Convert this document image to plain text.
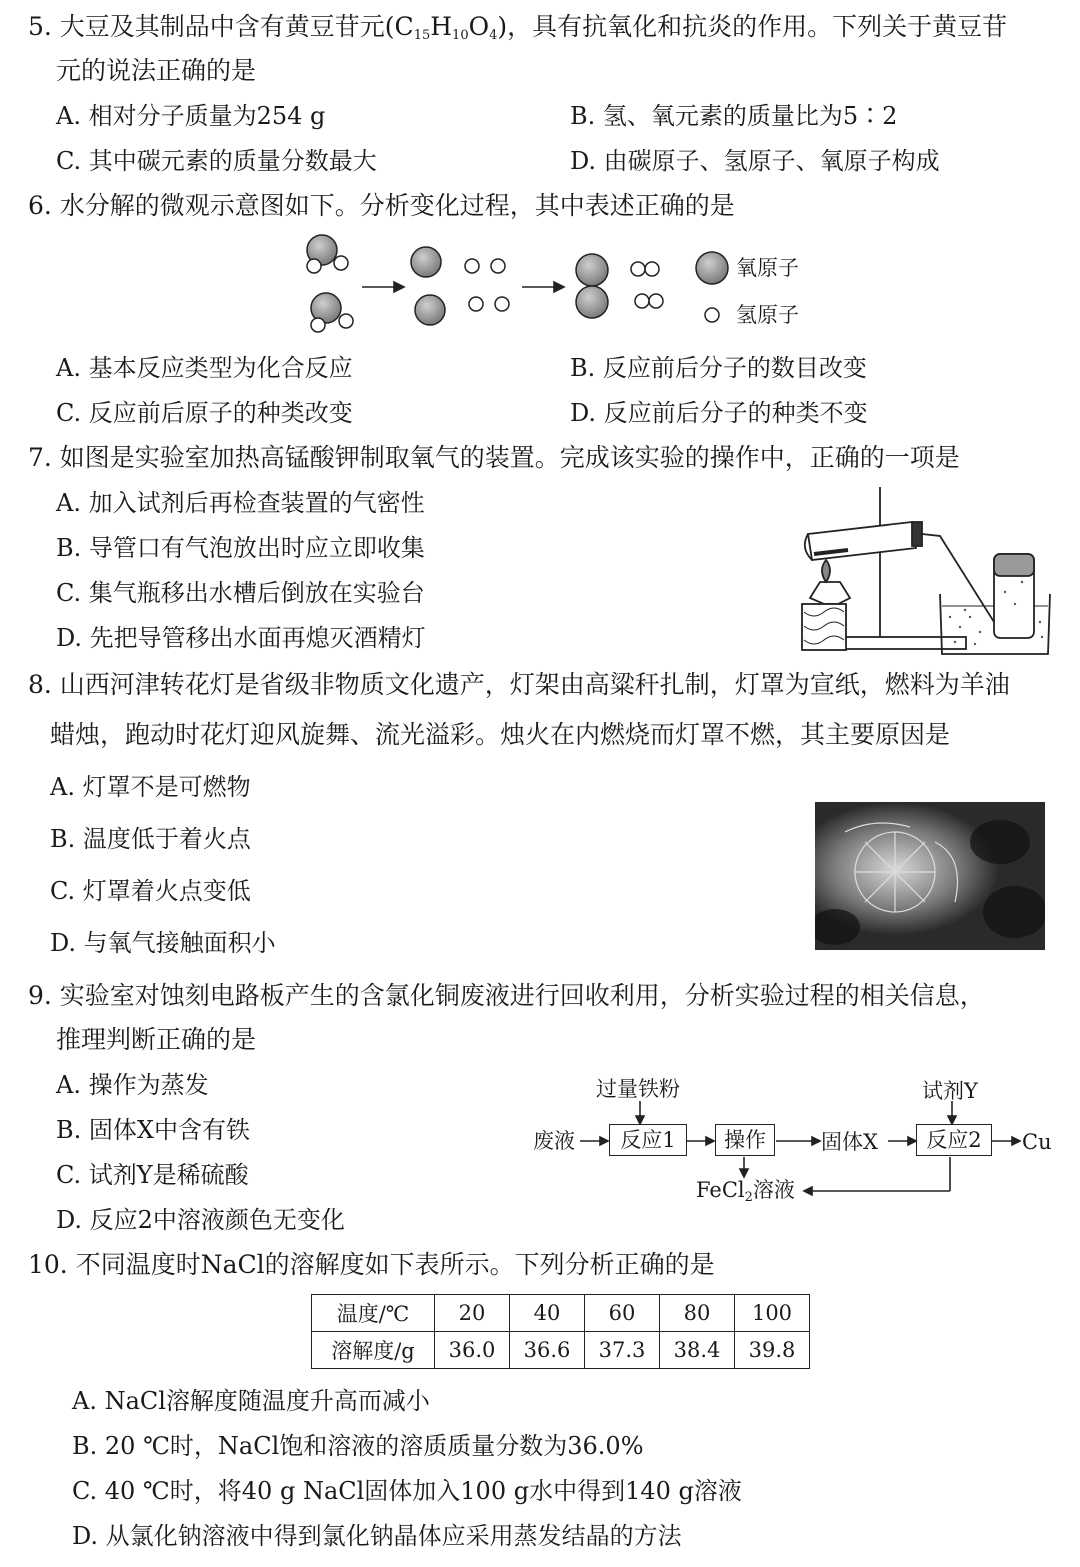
5. 大豆及其制品中含有黄豆苷元$(C_{15}H_{10}O_4)$，具有抗氧化和抗炎的作用。下列关于黄豆苷
元的说法正确的是
A. 相对分子质量为254 g	B. 氢、氧元素的质量比为5∶2
C. 其中碳元素的质量分数最大	D. 由碳原子、氢原子、氧原子构成
6. 水分解的微观示意图如下。分析变化过程，其中表述正确的是
氧原子
氢原子
A. 基本反应类型为化合反应	B. 反应前后分子的数目改变
C. 反应前后原子的种类改变	D. 反应前后分子的种类不变
7. 如图是实验室加热高锰酸钾制取氧气的装置。完成该实验的操作中，正确的一项是
A. 加入试剂后再检查装置的气密性
B. 导管口有气泡放出时应立即收集
C. 集气瓶移出水槽后倒放在实验台
D. 先把导管移出水面再熄灭酒精灯
8. 山西河津转花灯是省级非物质文化遗产，灯架由高粱秆扎制，灯罩为宣纸，燃料为羊油
蜡烛，跑动时花灯迎风旋舞、流光溢彩。烛火在内燃烧而灯罩不燃，其主要原因是
A. 灯罩不是可燃物
B. 温度低于着火点
C. 灯罩着火点变低
D. 与氧气接触面积小
9. 实验室对蚀刻电路板产生的含氯化铜废液进行回收利用，分析实验过程的相关信息，
推理判断正确的是
A. 操作为蒸发
B. 固体X中含有铁
C. 试剂Y是稀硫酸
D. 反应2中溶液颜色无变化
过量铁粉	试剂Y
废液	反应1	操作	固体X	反应2	Cu
FeCl$_2$溶液
10. 不同温度时NaCl的溶解度如下表所示。下列分析正确的是
温度/℃	20	40	60	80	100
溶解度/g	36.0	36.6	37.3	38.4	39.8
A. NaCl溶解度随温度升高而减小
B. 20 ℃时，NaCl饱和溶液的溶质质量分数为36.0%
C. 40 ℃时，将40 g NaCl固体加入100 g水中得到140 g溶液
D. 从氯化钠溶液中得到氯化钠晶体应采用蒸发结晶的方法
